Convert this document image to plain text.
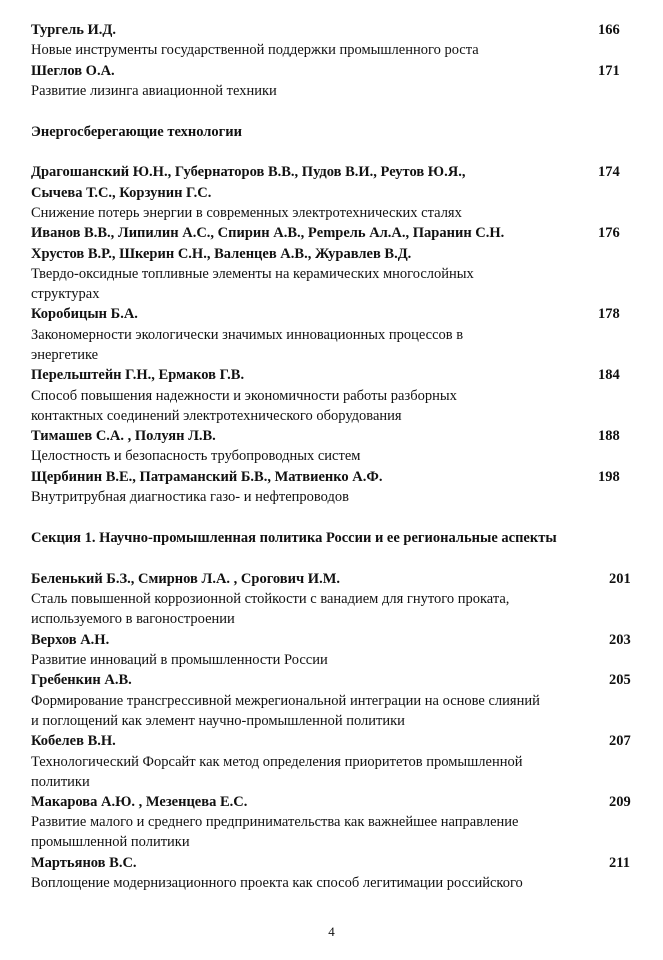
Тургель И.Д.	166
Новые инструменты государственной поддержки промышленного роста
Шеглов О.А.	171
Развитие лизинга авиационной техники
Энергосберегающие технологии
Драгошанский Ю.Н., Губернаторов В.В., Пудов В.И., Реутов Ю.Я.,	174
Сычева Т.С., Корзунин Г.С.
Снижение потерь энергии в современных электротехнических сталях
Иванов В.В., Липилин А.С., Спирин А.В., Рempель Ал.А., Паранин С.Н.	176
Хрустов В.Р., Шкерин С.Н., Валенцев А.В., Журавлев В.Д.
Твердо-оксидные топливные элементы на керамических многослойных
структурах
Коробицын Б.А.	178
Закономерности экологически значимых инновационных процессов в
энергетике
Перельштейн Г.Н., Ермаков Г.В.	184
Способ повышения надежности и экономичности работы разборных
контактных соединений электротехнического оборудования
Тимашев С.А. , Полуян Л.В.	188
Целостность и безопасность трубопроводных систем
Щербинин В.Е., Патраманский Б.В., Матвиенко А.Ф.	198
Внутритрубная диагностика газо- и нефтепроводов
Секция 1. Научно-промышленная политика России и ее региональные аспекты
Беленький Б.З., Смирнов Л.А. , Срогович И.М.	201
Сталь повышенной коррозионной стойкости с ванадием для гнутого проката,
используемого в вагоностроении
Верхов А.Н.	203
Развитие инноваций в промышленности России
Гребенкин А.В.	205
Формирование трансгрессивной межрегиональной интеграции на основе слияний
и поглощений как элемент научно-промышленной политики
Кобелев В.Н.	207
Технологический Форсайт как метод определения приоритетов промышленной
политики
Макарова А.Ю. , Мезенцева Е.С.	209
Развитие малого и среднего предпринимательства как важнейшее направление
промышленной политики
Мартьянов В.С.	211
Воплощение модернизационного проекта как способ легитимации российского
4
